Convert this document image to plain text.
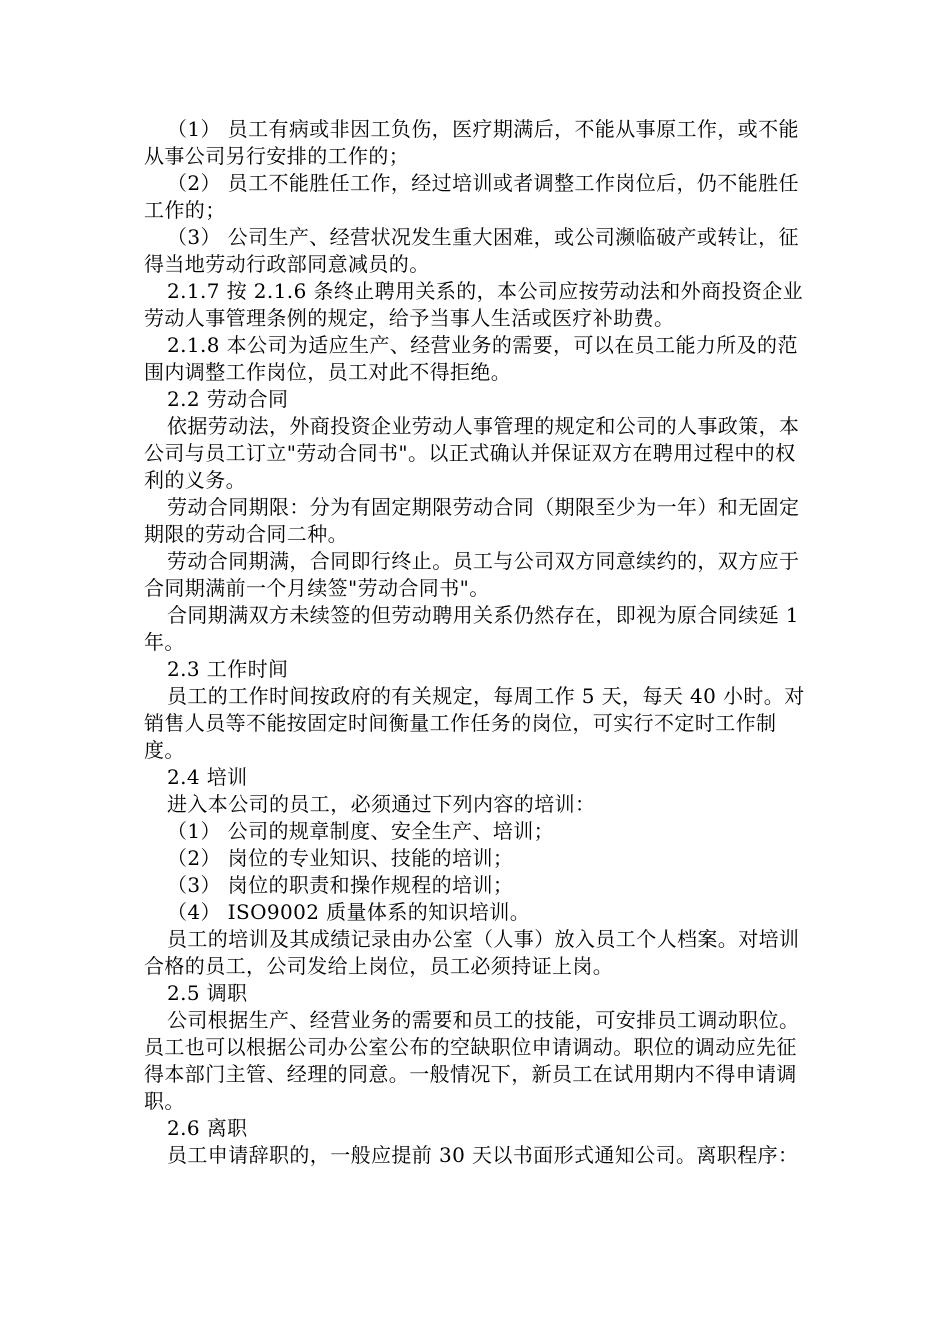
（1） 员工有病或非因工负伤，医疗期满后，不能从事原工作，或不能从事公司另行安排的工作的；

（2） 员工不能胜任工作，经过培训或者调整工作岗位后，仍不能胜任工作的；

（3） 公司生产、经营状况发生重大困难，或公司濒临破产或转让，征得当地劳动行政部同意减员的。

2.1.7 按 2.1.6 条终止聘用关系的，本公司应按劳动法和外商投资企业劳动人事管理条例的规定，给予当事人生活或医疗补助费。

2.1.8 本公司为适应生产、经营业务的需要，可以在员工能力所及的范围内调整工作岗位，员工对此不得拒绝。

2.2 劳动合同

依据劳动法，外商投资企业劳动人事管理的规定和公司的人事政策，本公司与员工订立"劳动合同书"。以正式确认并保证双方在聘用过程中的权利的义务。

劳动合同期限：分为有固定期限劳动合同（期限至少为一年）和无固定期限的劳动合同二种。

劳动合同期满，合同即行终止。员工与公司双方同意续约的，双方应于合同期满前一个月续签"劳动合同书"。

合同期满双方未续签的但劳动聘用关系仍然存在，即视为原合同续延 1 年。

2.3 工作时间

员工的工作时间按政府的有关规定，每周工作 5 天，每天 40 小时。对销售人员等不能按固定时间衡量工作任务的岗位，可实行不定时工作制度。

2.4 培训

进入本公司的员工，必须通过下列内容的培训：

（1） 公司的规章制度、安全生产、培训；

（2） 岗位的专业知识、技能的培训；

（3） 岗位的职责和操作规程的培训；

（4） ISO9002 质量体系的知识培训。

员工的培训及其成绩记录由办公室（人事）放入员工个人档案。对培训合格的员工，公司发给上岗位，员工必须持证上岗。

2.5 调职

公司根据生产、经营业务的需要和员工的技能，可安排员工调动职位。员工也可以根据公司办公室公布的空缺职位申请调动。职位的调动应先征得本部门主管、经理的同意。一般情况下，新员工在试用期内不得申请调职。

2.6 离职

员工申请辞职的，一般应提前 30 天以书面形式通知公司。离职程序：
